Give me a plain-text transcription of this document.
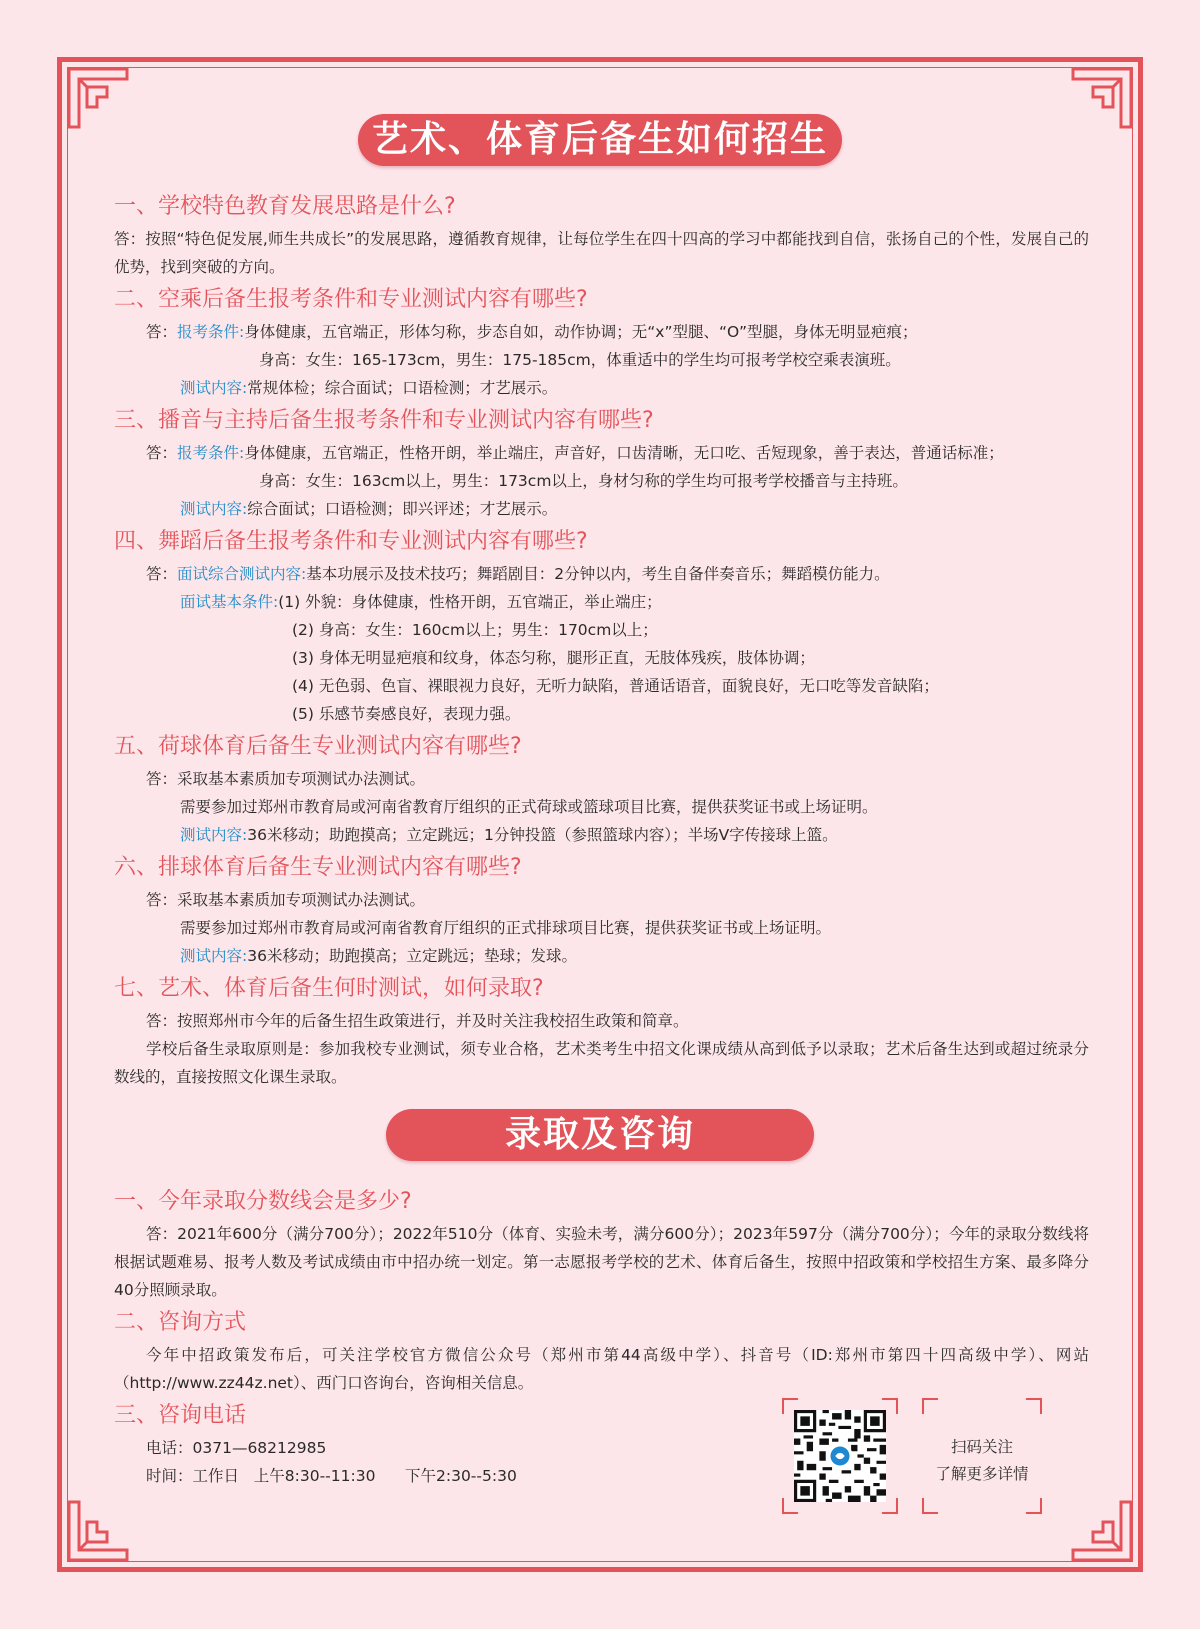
艺术、体育后备生如何招生
一、学校特色教育发展思路是什么?
答：按照“特色促发展,师生共成长”的发展思路，遵循教育规律，让每位学生在四十四高的学习中都能找到自信，张扬自己的个性，发展自己的优势，找到突破的方向。
二、空乘后备生报考条件和专业测试内容有哪些?
答：报考条件:身体健康，五官端正，形体匀称，步态自如，动作协调；无“x”型腿、“O”型腿，身体无明显疤痕；
身高：女生：165-173cm，男生：175-185cm，体重适中的学生均可报考学校空乘表演班。
测试内容:常规体检；综合面试；口语检测；才艺展示。
三、播音与主持后备生报考条件和专业测试内容有哪些?
答：报考条件:身体健康，五官端正，性格开朗，举止端庄，声音好，口齿清晰，无口吃、舌短现象，善于表达，普通话标准；
身高：女生：163cm以上，男生：173cm以上，身材匀称的学生均可报考学校播音与主持班。
测试内容:综合面试；口语检测；即兴评述；才艺展示。
四、舞蹈后备生报考条件和专业测试内容有哪些?
答：面试综合测试内容:基本功展示及技术技巧；舞蹈剧目：2分钟以内，考生自备伴奏音乐；舞蹈模仿能力。
面试基本条件:(1) 外貌：身体健康，性格开朗，五官端正，举止端庄；
(2) 身高：女生：160cm以上；男生：170cm以上；
(3) 身体无明显疤痕和纹身，体态匀称，腿形正直，无肢体残疾，肢体协调；
(4) 无色弱、色盲、裸眼视力良好，无听力缺陷，普通话语音，面貌良好，无口吃等发音缺陷；
(5) 乐感节奏感良好，表现力强。
五、荷球体育后备生专业测试内容有哪些?
答：采取基本素质加专项测试办法测试。
需要参加过郑州市教育局或河南省教育厅组织的正式荷球或篮球项目比赛，提供获奖证书或上场证明。
测试内容:36米移动；助跑摸高；立定跳远；1分钟投篮（参照篮球内容）；半场V字传接球上篮。
六、排球体育后备生专业测试内容有哪些?
答：采取基本素质加专项测试办法测试。
需要参加过郑州市教育局或河南省教育厅组织的正式排球项目比赛，提供获奖证书或上场证明。
测试内容:36米移动；助跑摸高；立定跳远；垫球；发球。
七、艺术、体育后备生何时测试，如何录取?
答：按照郑州市今年的后备生招生政策进行，并及时关注我校招生政策和简章。
学校后备生录取原则是：参加我校专业测试，须专业合格，艺术类考生中招文化课成绩从高到低予以录取；艺术后备生达到或超过统录分数线的，直接按照文化课生录取。
录取及咨询
一、今年录取分数线会是多少?
答：2021年600分（满分700分）；2022年510分（体育、实验未考，满分600分）；2023年597分（满分700分）；今年的录取分数线将根据试题难易、报考人数及考试成绩由市中招办统一划定。第一志愿报考学校的艺术、体育后备生，按照中招政策和学校招生方案、最多降分40分照顾录取。
二、咨询方式
今年中招政策发布后，可关注学校官方微信公众号（郑州市第44高级中学）、抖音号（ID:郑州市第四十四高级中学）、网站（http://www.zz44z.net）、西门口咨询台，咨询相关信息。
三、咨询电话
电话：0371—68212985
时间：工作日   上午8:30--11:30      下午2:30--5:30
扫码关注
了解更多详情
